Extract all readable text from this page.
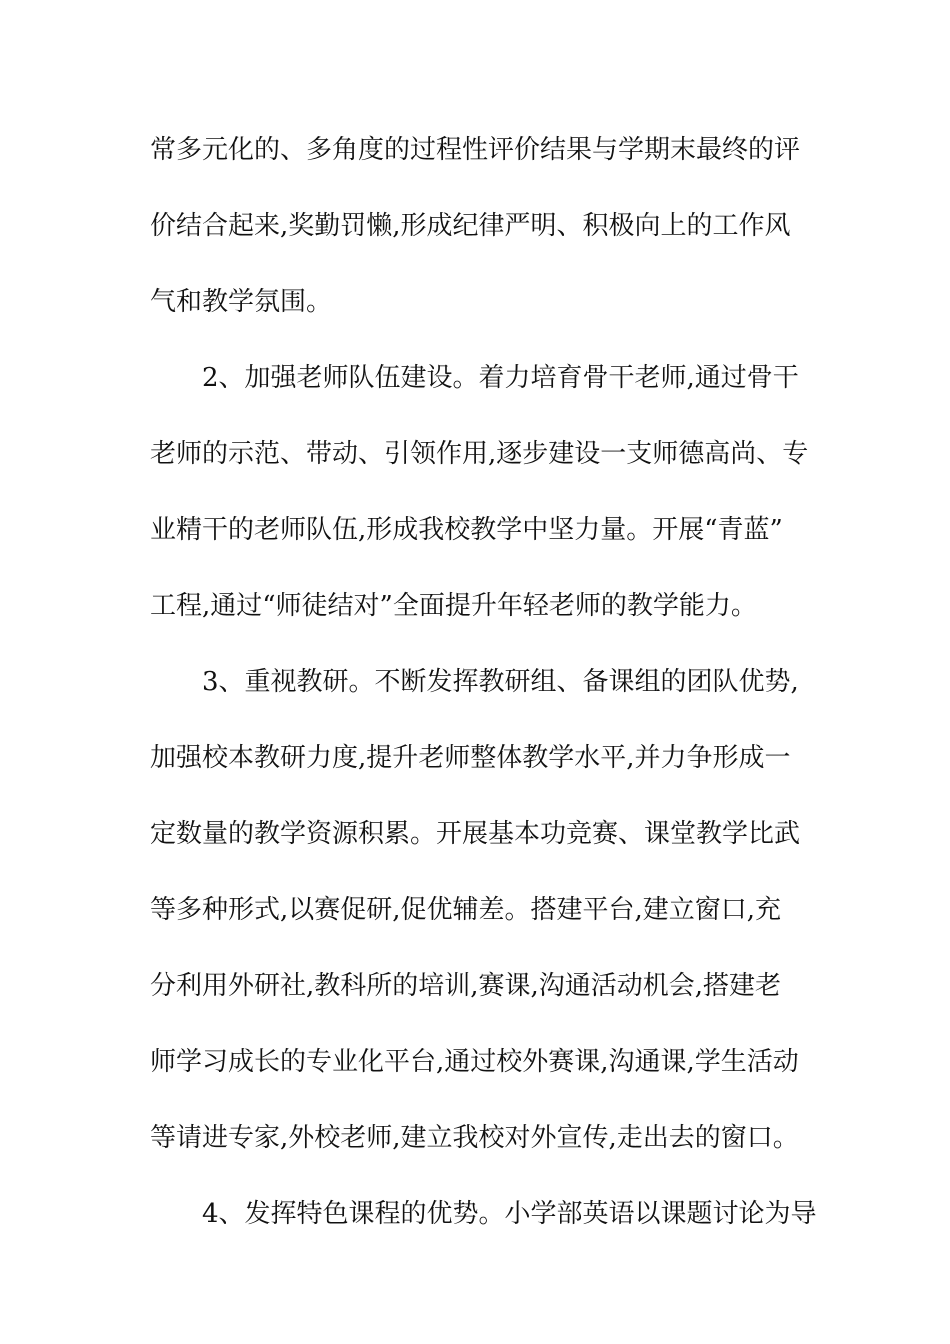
常多元化的、多角度的过程性评价结果与学期末最终的评
价结合起来,奖勤罚懒,形成纪律严明、积极向上的工作风
气和教学氛围。
2、加强老师队伍建设。着力培育骨干老师,通过骨干
老师的示范、带动、引领作用,逐步建设一支师德高尚、专
业精干的老师队伍,形成我校教学中坚力量。开展“青蓝”
工程,通过“师徒结对”全面提升年轻老师的教学能力。
3、重视教研。不断发挥教研组、备课组的团队优势,
加强校本教研力度,提升老师整体教学水平,并力争形成一
定数量的教学资源积累。开展基本功竞赛、课堂教学比武
等多种形式,以赛促研,促优辅差。搭建平台,建立窗口,充
分利用外研社,教科所的培训,赛课,沟通活动机会,搭建老
师学习成长的专业化平台,通过校外赛课,沟通课,学生活动
等请进专家,外校老师,建立我校对外宣传,走出去的窗口。
4、发挥特色课程的优势。小学部英语以课题讨论为导
